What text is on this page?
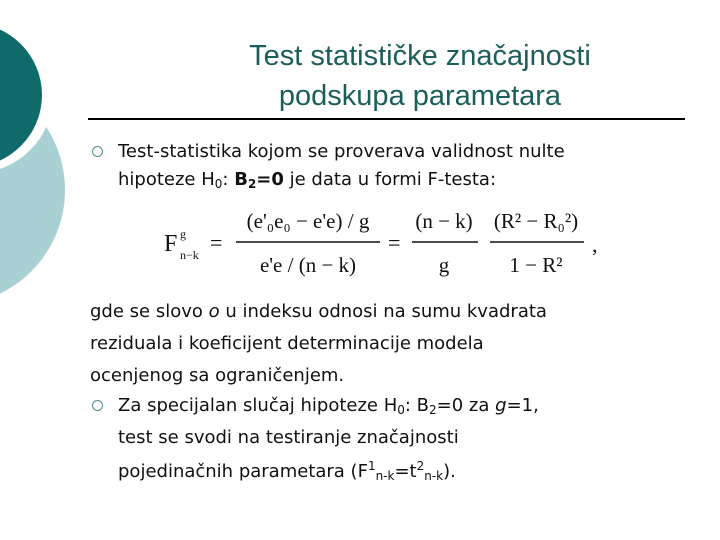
Test statističke značajnosti
podskupa parametara
Test-statistika kojom se proverava validnost nulte
hipoteze $H_0$: $B_2=0$ je data u formi F-testa:
F g
n−k =
(e'₀e₀ − e'e) / g
e'e / (n − k)
=
(n − k)
g
(R² − R₀²)
1 − R²
,
gde se slovo o u indeksu odnosi na sumu kvadrata
reziduala i koeficijent determinacije modela
ocenjenog sa ograničenjem.
Za specijalan slučaj hipoteze $H_0$: $B_2=0$ za g=1,
test se svodi na testiranje značajnosti
pojedinačnih parametara $(F^1_{n-k}=t^2_{n-k})$.
